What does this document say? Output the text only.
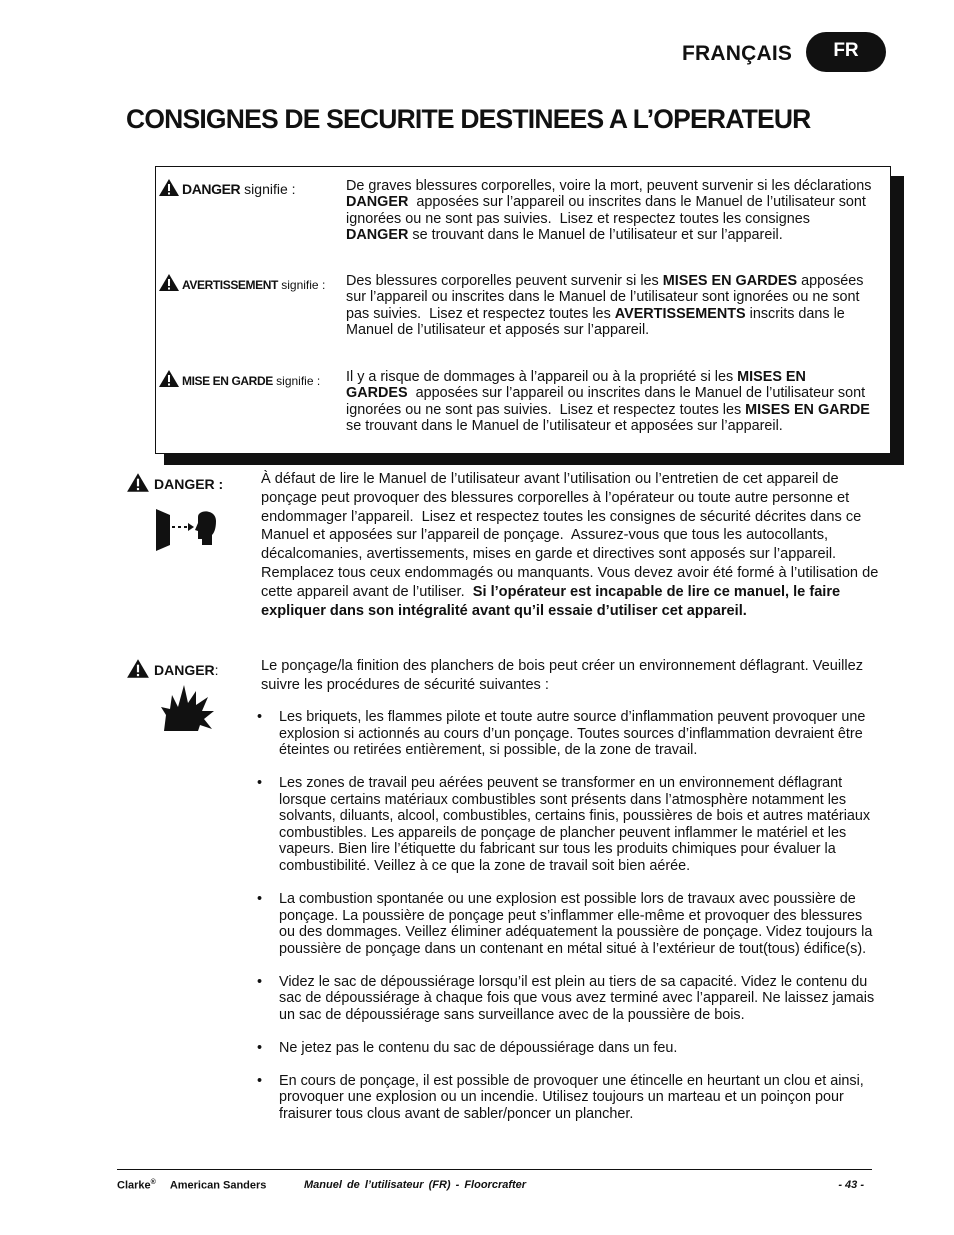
FRANÇAIS	FR
CONSIGNES DE SECURITE DESTINEES A L’OPERATEUR
DANGER signifie :	De graves blessures corporelles, voire la mort, peuvent survenir si les déclarations DANGER  apposées sur l’appareil ou inscrites dans le Manuel de l’utilisateur sont ignorées ou ne sont pas suivies.  Lisez et respectez toutes les consignes DANGER se trouvant dans le Manuel de l’utilisateur et sur l’appareil.
AVERTISSEMENT signifie : Des blessures corporelles peuvent survenir si les MISES EN GARDES apposées sur l’appareil ou inscrites dans le Manuel de l’utilisateur sont ignorées ou ne sont pas suivies.  Lisez et respectez toutes les AVERTISSEMENTS inscrits dans le
Manuel de l’utilisateur et apposés sur l’appareil.
MISE EN GARDE signifie : Il y a risque de dommages à l’appareil ou à la propriété si les MISES EN GARDES  apposées sur l’appareil ou inscrites dans le Manuel de l’utilisateur sont ignorées ou ne sont pas suivies.  Lisez et respectez toutes les MISES EN GARDE se trouvant dans le Manuel de l’utilisateur et apposées sur l’appareil.
DANGER :	À défaut de lire le Manuel de l’utilisateur avant l’utilisation ou l’entretien de cet appareil de ponçage peut provoquer des blessures corporelles à l’opérateur ou toute autre personne et endommager l’appareil.  Lisez et respectez toutes les consignes de sécurité décrites dans ce Manuel et apposées sur l’appareil de ponçage.  Assurez-vous que tous les autocollants, décalcomanies, avertissements, mises en garde et directives sont apposés sur l’appareil.  Remplacez tous ceux endommagés ou manquants. Vous devez avoir été formé à l’utilisation de cette appareil avant de l’utiliser.  Si l’opérateur est incapable de lire ce manuel, le faire expliquer dans son intégralité avant qu’il essaie d’utiliser cet appareil.
DANGER:	Le ponçage/la finition des planchers de bois peut créer un environnement déflagrant. Veuillez suivre les procédures de sécurité suivantes :
• Les briquets, les flammes pilote et toute autre source d’inflammation peuvent provoquer une explosion si actionnés au cours d’un ponçage. Toutes sources d’inflammation devraient être éteintes ou retirées entièrement, si possible, de la zone de travail.
• Les zones de travail peu aérées peuvent se transformer en un environnement déflagrant lorsque certains matériaux combustibles sont présents dans l’atmosphère notamment les solvants, diluants, alcool, combustibles, certains finis, poussières de bois et autres matériaux combustibles. Les appareils de ponçage de plancher peuvent inflammer le matériel et les vapeurs. Bien lire l’étiquette du fabricant sur tous les produits chimiques pour évaluer la combustibilité. Veillez à ce que la zone de travail soit bien aérée.
• La combustion spontanée ou une explosion est possible lors de travaux avec poussière de ponçage. La poussière de ponçage peut s’inflammer elle-même et provoquer des blessures ou des dommages. Veillez éliminer adéquatement la poussière de ponçage. Videz toujours la poussière de ponçage dans un contenant en métal situé à l’extérieur de tout(tous) édifice(s).
• Videz le sac de dépoussiérage lorsqu’il est plein au tiers de sa capacité. Videz le contenu du sac de dépoussiérage à chaque fois que vous avez terminé avec l’appareil. Ne laissez jamais un sac de dépoussiérage sans surveillance avec de la poussière de bois.
• Ne jetez pas le contenu du sac de dépoussiérage dans un feu.
• En cours de ponçage, il est possible de provoquer une étincelle en heurtant un clou et ainsi, provoquer une explosion ou un incendie. Utilisez toujours un marteau et un poinçon pour fraisurer tous clous avant de sabler/poncer un plancher.
Clarke® American Sanders	Manuel de l’utilisateur (FR) - Floorcrafter	- 43 -
